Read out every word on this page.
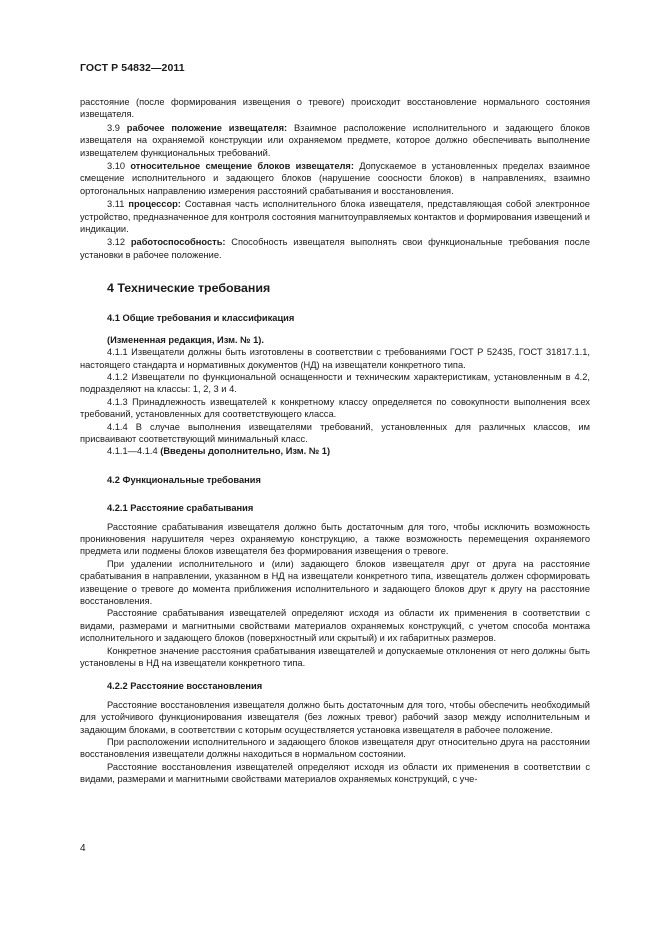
ГОСТ Р 54832—2011

расстояние (после формирования извещения о тревоге) происходит восстановление нормального состояния извещателя.

3.9 рабочее положение извещателя: Взаимное расположение исполнительного и задающего блоков извещателя на охраняемой конструкции или охраняемом предмете, которое должно обеспечивать выполнение извещателем функциональных требований.

3.10 относительное смещение блоков извещателя: Допускаемое в установленных пределах взаимное смещение исполнительного и задающего блоков (нарушение соосности блоков) в направлениях, взаимно ортогональных направлению измерения расстояний срабатывания и восстановления.

3.11 процессор: Составная часть исполнительного блока извещателя, представляющая собой электронное устройство, предназначенное для контроля состояния магнитоуправляемых контактов и формирования извещений и индикации.

3.12 работоспособность: Способность извещателя выполнять свои функциональные требования после установки в рабочее положение.

4 Технические требования

4.1 Общие требования и классификация

(Измененная редакция, Изм. № 1).

4.1.1 Извещатели должны быть изготовлены в соответствии с требованиями ГОСТ Р 52435, ГОСТ 31817.1.1, настоящего стандарта и нормативных документов (НД) на извещатели конкретного типа.

4.1.2 Извещатели по функциональной оснащенности и техническим характеристикам, установленным в 4.2, подразделяют на классы: 1, 2, 3 и 4.

4.1.3 Принадлежность извещателей к конкретному классу определяется по совокупности выполнения всех требований, установленных для соответствующего класса.

4.1.4 В случае выполнения извещателями требований, установленных для различных классов, им присваивают соответствующий минимальный класс.

4.1.1—4.1.4 (Введены дополнительно, Изм. № 1)

4.2 Функциональные требования

4.2.1 Расстояние срабатывания

Расстояние срабатывания извещателя должно быть достаточным для того, чтобы исключить возможность проникновения нарушителя через охраняемую конструкцию, а также возможность перемещения охраняемого предмета или подмены блоков извещателя без формирования извещения о тревоге.

При удалении исполнительного и (или) задающего блоков извещателя друг от друга на расстояние срабатывания в направлении, указанном в НД на извещатели конкретного типа, извещатель должен сформировать извещение о тревоге до момента приближения исполнительного и задающего блоков друг к другу на расстояние восстановления.

Расстояние срабатывания извещателей определяют исходя из области их применения в соответствии с видами, размерами и магнитными свойствами материалов охраняемых конструкций, с учетом способа монтажа исполнительного и задающего блоков (поверхностный или скрытый) и их габаритных размеров.

Конкретное значение расстояния срабатывания извещателей и допускаемые отклонения от него должны быть установлены в НД на извещатели конкретного типа.

4.2.2 Расстояние восстановления

Расстояние восстановления извещателя должно быть достаточным для того, чтобы обеспечить необходимый для устойчивого функционирования извещателя (без ложных тревог) рабочий зазор между исполнительным и задающим блоками, в соответствии с которым осуществляется установка извещателя в рабочее положение.

При расположении исполнительного и задающего блоков извещателя друг относительно друга на расстоянии восстановления извещатели должны находиться в нормальном состоянии.

Расстояние восстановления извещателей определяют исходя из области их применения в соответствии с видами, размерами и магнитными свойствами материалов охраняемых конструкций, с уче-

4
